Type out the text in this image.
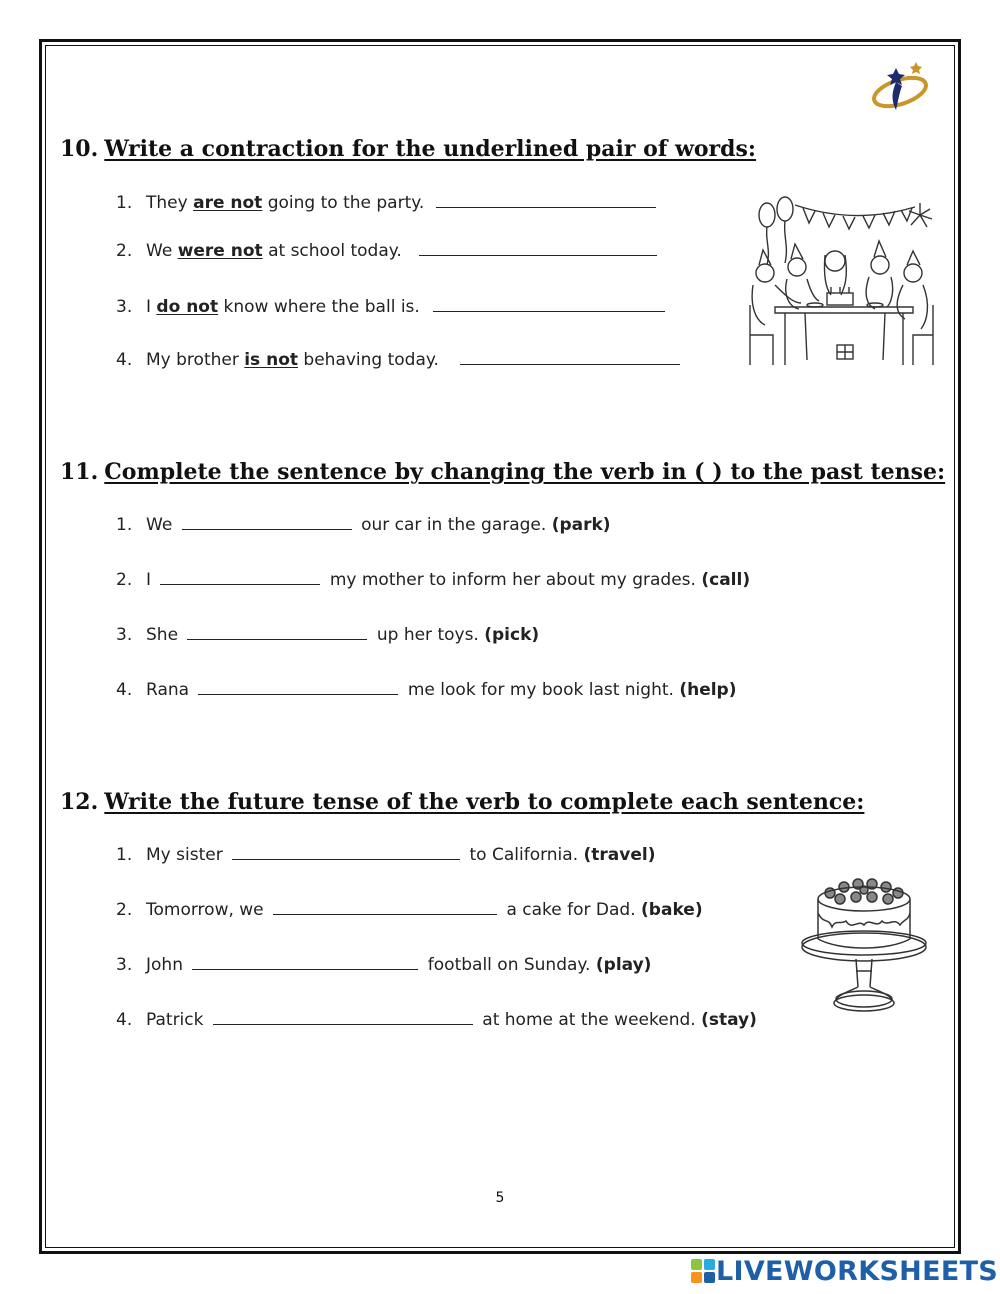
10. Write a contraction for the underlined pair of words:
1. They are not going to the party.
2. We were not at school today.
3. I do not know where the ball is.
4. My brother is not behaving today.
11. Complete the sentence by changing the verb in ( ) to the past tense:
1. We	our car in the garage. (park)
2. I	my mother to inform her about my grades. (call)
3. She	up her toys. (pick)
4. Rana	me look for my book last night. (help)
12. Write the future tense of the verb to complete each sentence:
1. My sister	to California. (travel)
2. Tomorrow, we	a cake for Dad. (bake)
3. John	football on Sunday. (play)
4. Patrick	at home at the weekend. (stay)
5
LIVEWORKSHEETS
